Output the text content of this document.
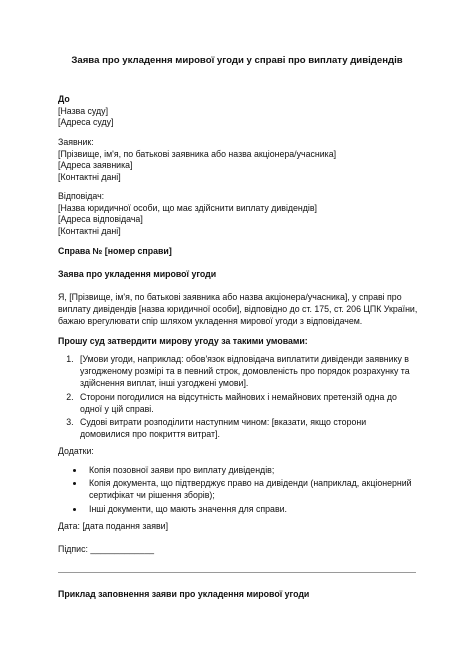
Заява про укладення мирової угоди у справі про виплату дивідендів
До
[Назва суду]
[Адреса суду]
Заявник:
[Прізвище, ім'я, по батькові заявника або назва акціонера/учасника]
[Адреса заявника]
[Контактні дані]
Відповідач:
[Назва юридичної особи, що має здійснити виплату дивідендів]
[Адреса відповідача]
[Контактні дані]
Справа № [номер справи]
Заява про укладення мирової угоди
Я, [Прізвище, ім'я, по батькові заявника або назва акціонера/учасника], у справі про
виплату дивідендів [назва юридичної особи], відповідно до ст. 175, ст. 206 ЦПК України,
бажаю врегулювати спір шляхом укладення мирової угоди з відповідачем.
Прошу суд затвердити мирову угоду за такими умовами:
1. [Умови угоди, наприклад: обов'язок відповідача виплатити дивіденди заявнику в
узгодженому розмірі та в певний строк, домовленість про порядок розрахунку та
здійснення виплат, інші узгоджені умови].
2. Сторони погодилися на відсутність майнових і немайнових претензій одна до
одної у цій справі.
3. Судові витрати розподілити наступним чином: [вказати, якщо сторони
домовилися про покриття витрат].
Додатки:
• Копія позовної заяви про виплату дивідендів;
• Копія документа, що підтверджує право на дивіденди (наприклад, акціонерний
сертифікат чи рішення зборів);
• Інші документи, що мають значення для справи.
Дата: [дата подання заяви]
Підпис: _____________
Приклад заповнення заяви про укладення мирової угоди
